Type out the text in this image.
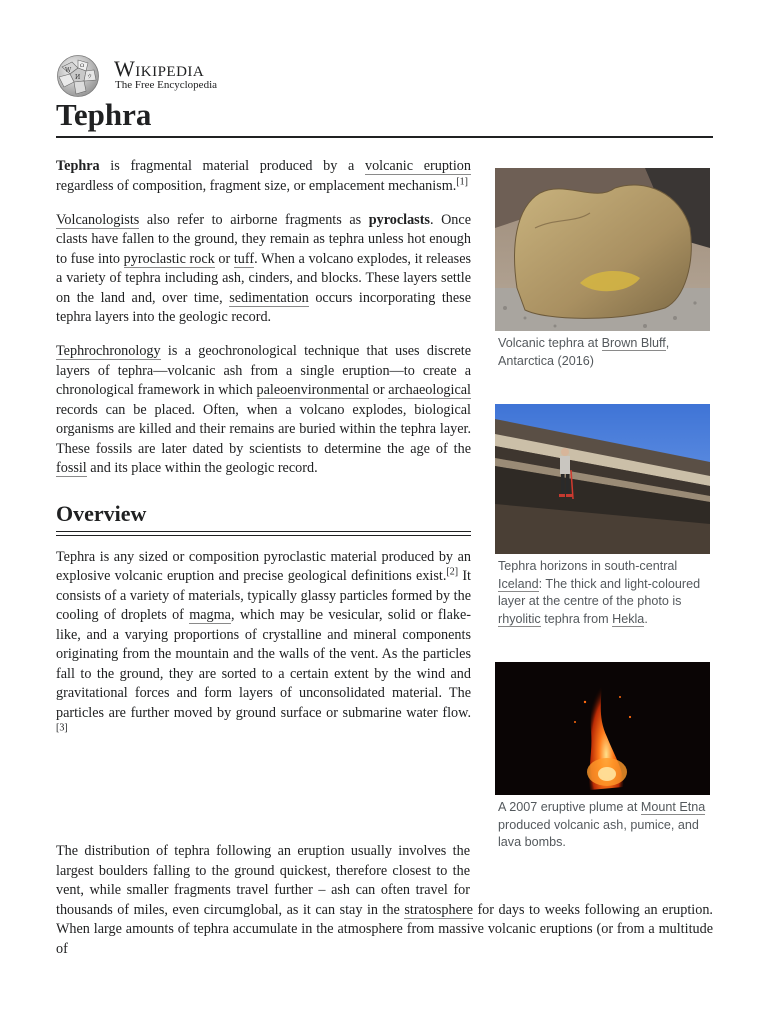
W
Ω
И ウ Wikipedia
The Free Encyclopedia
Tephra

Tephra is fragmental material produced by a volcanic eruption regardless of composition, fragment size, or emplacement mechanism.[1]

Volcanologists also refer to airborne fragments as pyroclasts. Once clasts have fallen to the ground, they remain as tephra unless hot enough to fuse into pyroclastic rock or tuff. When a volcano explodes, it releases a variety of tephra including ash, cinders, and blocks. These layers settle on the land and, over time, sedimentation occurs incorporating these tephra layers into the geologic record.

Tephrochronology is a geochronological technique that uses discrete layers of tephra—volcanic ash from a single eruption—to create a chronological framework in which paleoenvironmental or archaeological records can be placed. Often, when a volcano explodes, biological organisms are killed and their remains are buried within the tephra layer. These fossils are later dated by scientists to determine the age of the fossil and its place within the geologic record.

Overview

Tephra is any sized or composition pyroclastic material produced by an explosive volcanic eruption and precise geological definitions exist.[2] It consists of a variety of materials, typically glassy particles formed by the cooling of droplets of magma, which may be vesicular, solid or flake-like, and a varying proportions of crystalline and mineral components originating from the mountain and the walls of the vent. As the particles fall to the ground, they are sorted to a certain extent by the wind and gravitational forces and form layers of unconsolidated material. The particles are further moved by ground surface or submarine water flow.[3]

The distribution of tephra following an eruption usually involves the largest boulders falling to the ground quickest, therefore closest to the vent, while smaller fragments travel further – ash can often travel for thousands of miles, even circumglobal, as it can stay in the stratosphere for days to weeks following an eruption. When large amounts of tephra accumulate in the atmosphere from massive volcanic eruptions (or from a multitude of
Volcanic tephra at Brown Bluff, Antarctica (2016)
Tephra horizons in south-central Iceland: The thick and light-coloured layer at the centre of the photo is rhyolitic tephra from Hekla.
A 2007 eruptive plume at Mount Etna produced volcanic ash, pumice, and lava bombs.
